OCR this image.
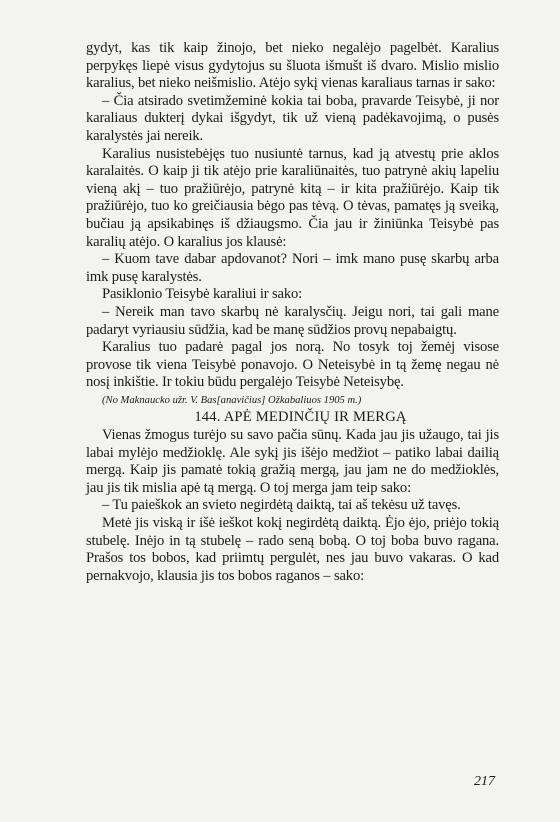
gydyt, kas tik kaip žinojo, bet nieko negalėjo pagelbėt. Karalius perpykęs liepė visus gydytojus su šluota išmušt iš dvaro. Mislio mislio karalius, bet nieko neišmislio. Atėjo sykį vienas karaliaus tarnas ir sako:

– Čia atsirado svetimžeminė kokia tai boba, pravarde Teisybė, ji nor karaliaus dukterį dykai išgydyt, tik už vieną padėkavojimą, o pusės karalystės jai nereik.

Karalius nusistebėjęs tuo nusiuntė tarnus, kad ją atvestų prie aklos karalaitės. O kaip ji tik atėjo prie karaliūnaitės, tuo patrynė akių lapeliu vieną akį – tuo pražiūrėjo, patrynė kitą – ir kita pražiūrėjo. Kaip tik pražiūrėjo, tuo ko greičiausia bėgo pas tėvą. O tėvas, pamatęs ją sveiką, bučiau ją apsikabinęs iš džiaugsmo. Čia jau ir žiniūnka Teisybė pas karalių atėjo. O karalius jos klausė:

– Kuom tave dabar apdovanot? Nori – imk mano pusę skarbų arba imk pusę karalystės.

Pasiklonio Teisybė karaliui ir sako:

– Nereik man tavo skarbų nė karalysčių. Jeigu nori, tai gali mane padaryt vyriausiu sūdžia, kad be manę sūdžios provų nepabaigtų.

Karalius tuo padarė pagal jos norą. No tosyk toj žemėj visose provose tik viena Teisybė ponavojo. O Neteisybė in tą žemę negau nė nosį inkištie. Ir tokiu būdu pergalėjo Teisybė Neteisybę.

(No Maknaucko užr. V. Bas[anavičius] Ožkabaliuos 1905 m.)

144. APĖ MEDINČIŲ IR MERGĄ

Vienas žmogus turėjo su savo pačia sūnų. Kada jau jis užaugo, tai jis labai mylėjo medžioklę. Ale sykį jis išėjo medžiot – patiko labai dailią mergą. Kaip jis pamatė tokią gražią mergą, jau jam ne do medžioklės, jau jis tik mislia apė tą mergą. O toj merga jam teip sako:

– Tu paieškok an svieto negirdėtą daiktą, tai aš tekėsu už tavęs.

Metė jis viską ir išė ieškot kokį negirdėtą daiktą. Ėjo ėjo, priėjo tokią stubelę. Inėjo in tą stubelę – rado seną bobą. O toj boba buvo ragana. Prašos tos bobos, kad priimtų pergulėt, nes jau buvo vakaras. O kad pernakvojo, klausia jis tos bobos raganos – sako:

217
